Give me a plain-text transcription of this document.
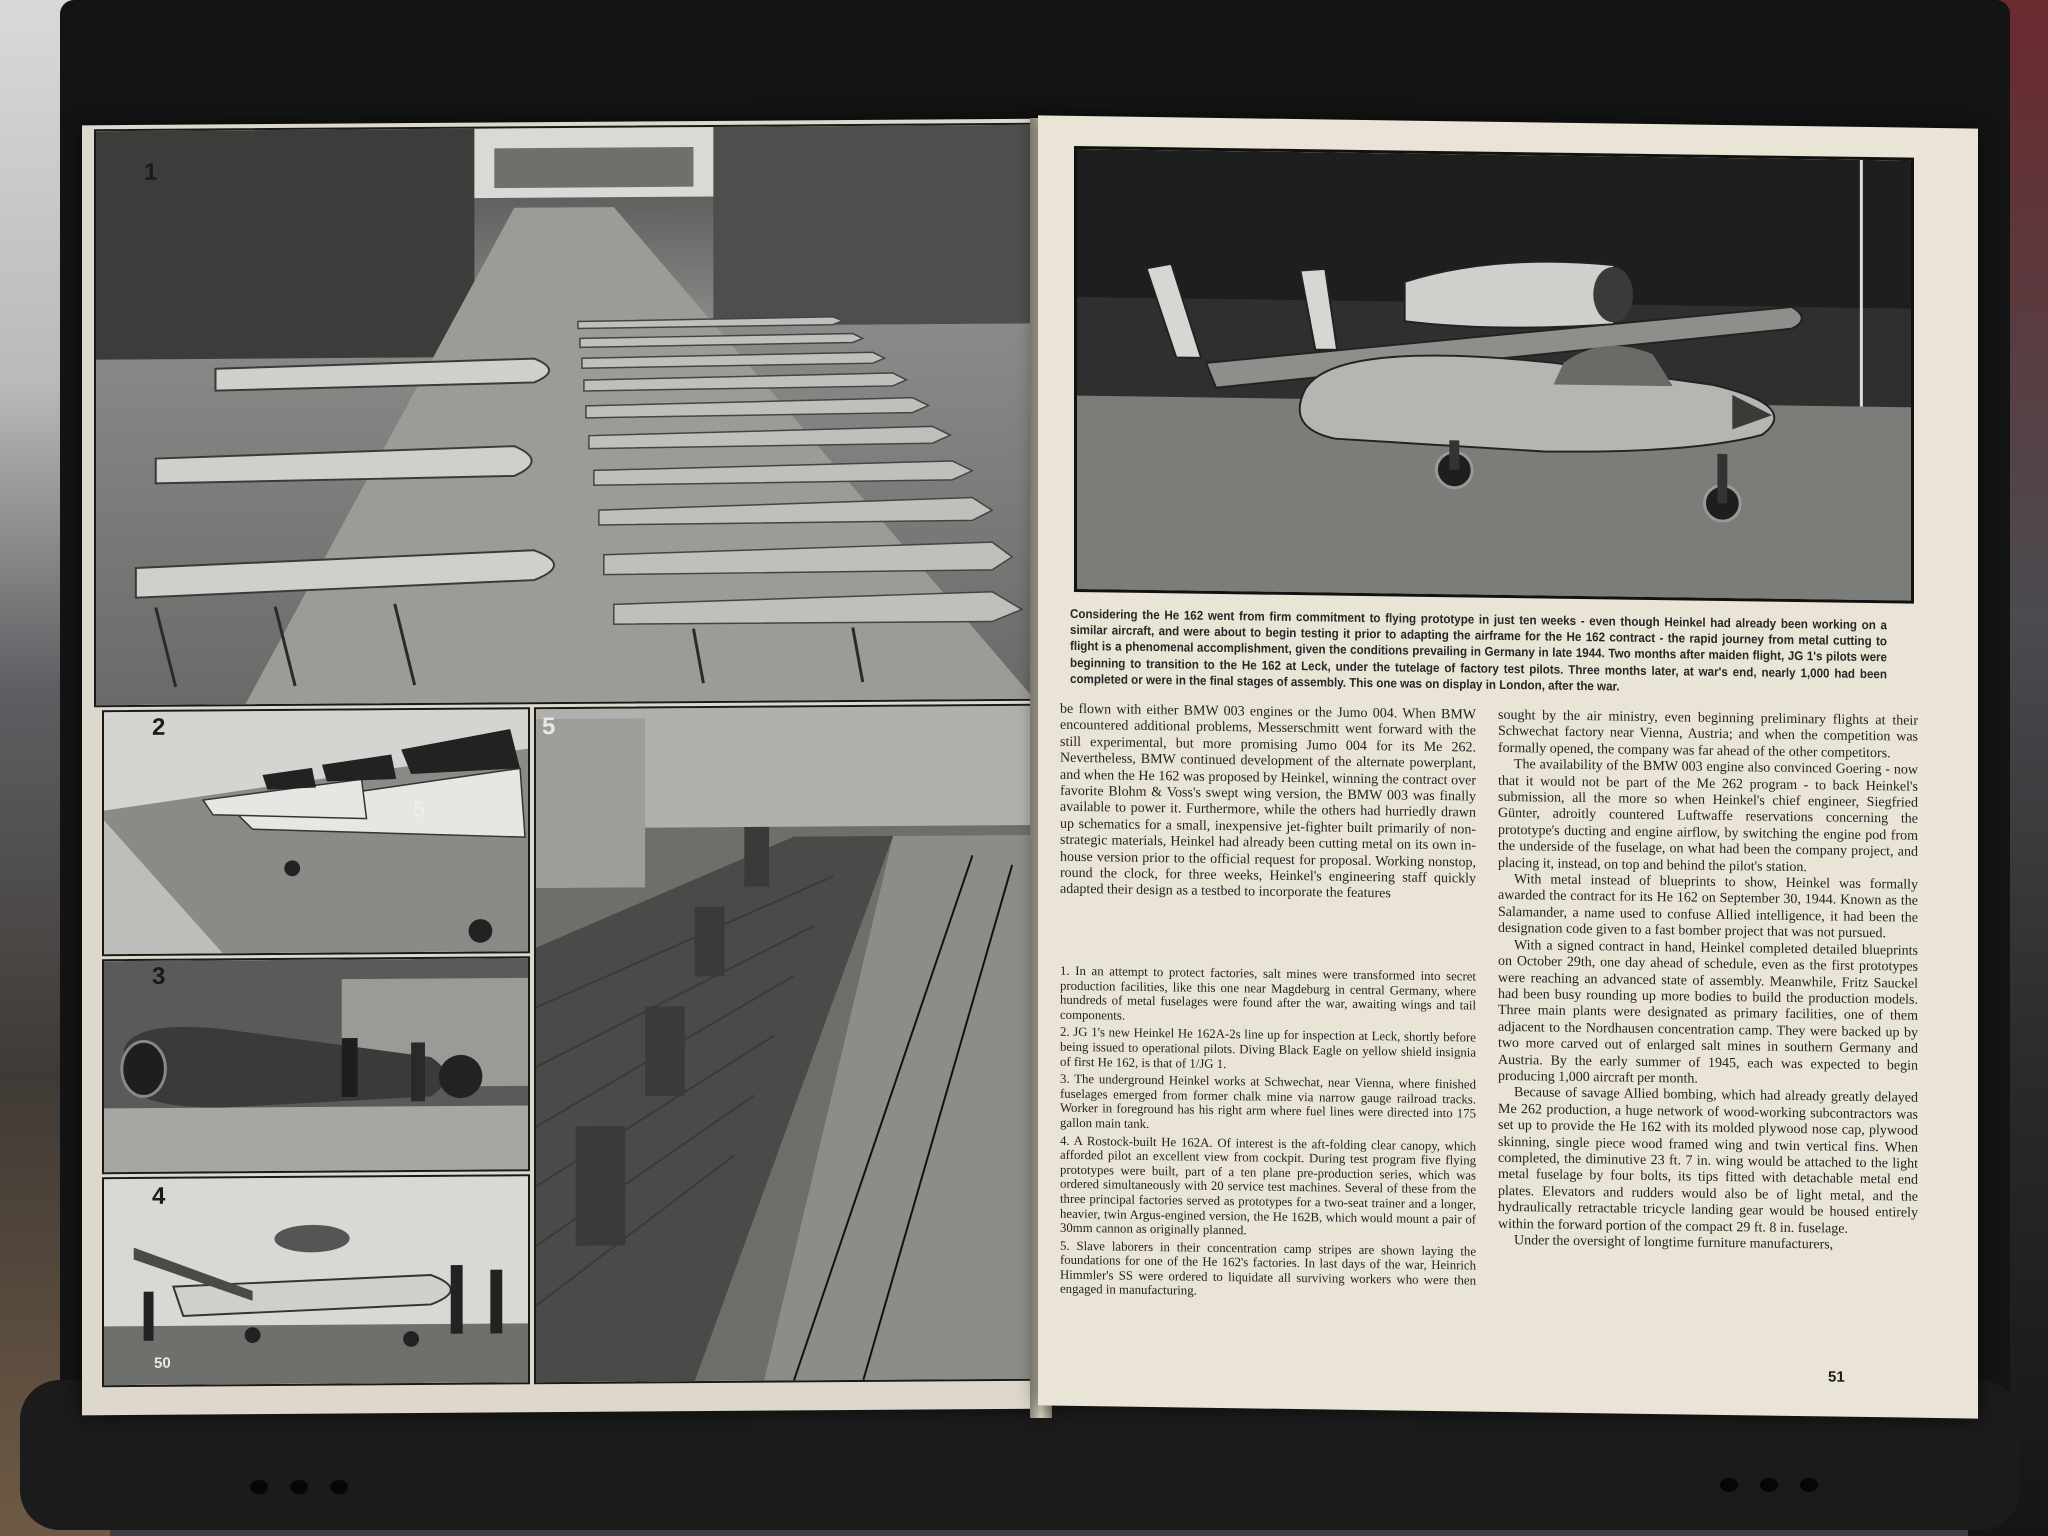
1
5
2
3
4
50
5
Considering the He 162 went from firm commitment to flying prototype in just ten weeks - even though Heinkel had already been working on a similar aircraft, and were about to begin testing it prior to adapting the airframe for the He 162 contract - the rapid journey from metal cutting to flight is a phenomenal accomplishment, given the conditions prevailing in Germany in late 1944. Two months after maiden flight, JG 1's pilots were beginning to transition to the He 162 at Leck, under the tutelage of factory test pilots. Three months later, at war's end, nearly 1,000 had been completed or were in the final stages of assembly. This one was on display in London, after the war.

be flown with either BMW 003 engines or the Jumo 004. When BMW encountered additional problems, Messerschmitt went forward with the still experimental, but more promising Jumo 004 for its Me 262. Nevertheless, BMW continued development of the alternate powerplant, and when the He 162 was proposed by Heinkel, winning the contract over favorite Blohm & Voss's swept wing version, the BMW 003 was finally available to power it. Furthermore, while the others had hurriedly drawn up schematics for a small, inexpensive jet-fighter built primarily of non-strategic materials, Heinkel had already been cutting metal on its own in-house version prior to the official request for proposal. Working nonstop, round the clock, for three weeks, Heinkel's engineering staff quickly adapted their design as a testbed to incorporate the features

1. In an attempt to protect factories, salt mines were transformed into secret production facilities, like this one near Magdeburg in central Germany, where hundreds of metal fuselages were found after the war, awaiting wings and tail components.

2. JG 1's new Heinkel He 162A-2s line up for inspection at Leck, shortly before being issued to operational pilots. Diving Black Eagle on yellow shield insignia of first He 162, is that of 1/JG 1.

3. The underground Heinkel works at Schwechat, near Vienna, where finished fuselages emerged from former chalk mine via narrow gauge railroad tracks. Worker in foreground has his right arm where fuel lines were directed into 175 gallon main tank.

4. A Rostock-built He 162A. Of interest is the aft-folding clear canopy, which afforded pilot an excellent view from cockpit. During test program five flying prototypes were built, part of a ten plane pre-production series, which was ordered simultaneously with 20 service test machines. Several of these from the three principal factories served as prototypes for a two-seat trainer and a longer, heavier, twin Argus-engined version, the He 162B, which would mount a pair of 30mm cannon as originally planned.

5. Slave laborers in their concentration camp stripes are shown laying the foundations for one of the He 162's factories. In last days of the war, Heinrich Himmler's SS were ordered to liquidate all surviving workers who were then engaged in manufacturing.

sought by the air ministry, even beginning preliminary flights at their Schwechat factory near Vienna, Austria; and when the competition was formally opened, the company was far ahead of the other competitors.

The availability of the BMW 003 engine also convinced Goering - now that it would not be part of the Me 262 program - to back Heinkel's submission, all the more so when Heinkel's chief engineer, Siegfried Günter, adroitly countered Luftwaffe reservations concerning the prototype's ducting and engine airflow, by switching the engine pod from the underside of the fuselage, on what had been the company project, and placing it, instead, on top and behind the pilot's station.

With metal instead of blueprints to show, Heinkel was formally awarded the contract for its He 162 on September 30, 1944. Known as the Salamander, a name used to confuse Allied intelligence, it had been the designation code given to a fast bomber project that was not pursued.

With a signed contract in hand, Heinkel completed detailed blueprints on October 29th, one day ahead of schedule, even as the first prototypes were reaching an advanced state of assembly. Meanwhile, Fritz Sauckel had been busy rounding up more bodies to build the production models. Three main plants were designated as primary facilities, one of them adjacent to the Nordhausen concentration camp. They were backed up by two more carved out of enlarged salt mines in southern Germany and Austria. By the early summer of 1945, each was expected to begin producing 1,000 aircraft per month.

Because of savage Allied bombing, which had already greatly delayed Me 262 production, a huge network of wood-working subcontractors was set up to provide the He 162 with its molded plywood nose cap, plywood skinning, single piece wood framed wing and twin vertical fins. When completed, the diminutive 23 ft. 7 in. wing would be attached to the light metal fuselage by four bolts, its tips fitted with detachable metal end plates. Elevators and rudders would also be of light metal, and the hydraulically retractable tricycle landing gear would be housed entirely within the forward portion of the compact 29 ft. 8 in. fuselage.

Under the oversight of longtime furniture manufacturers,

51
